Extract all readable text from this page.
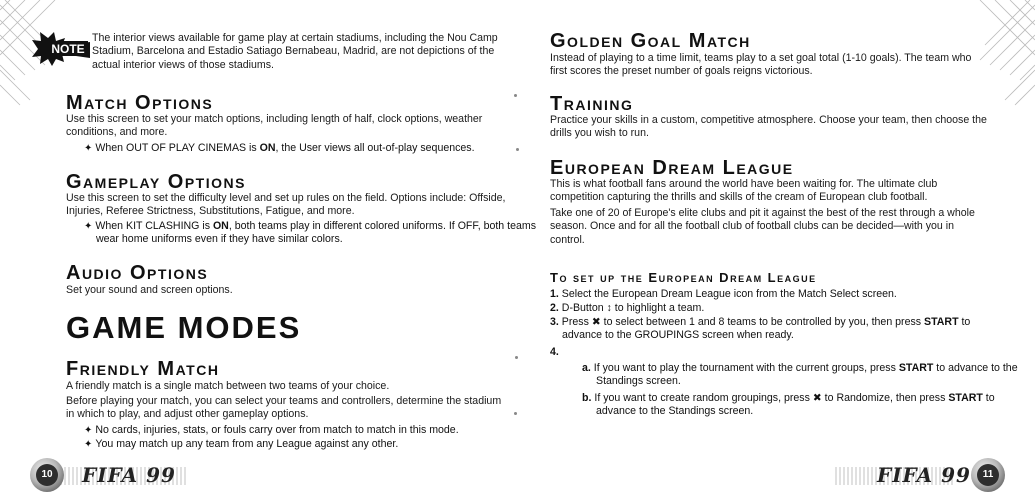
NOTE

The interior views available for game play at certain stadiums, including the Nou Camp Stadium, Barcelona and Estadio Satiago Bernabeau, Madrid, are not depictions of the actual interior views of those stadiums.

Match Options

Use this screen to set your match options, including length of half, clock options, weather conditions, and more.

✦ When OUT OF PLAY CINEMAS is ON, the User views all out-of-play sequences.

Gameplay Options

Use this screen to set the difficulty level and set up rules on the field. Options include: Offside, Injuries, Referee Strictness, Substitutions, Fatigue, and more.

✦ When KIT CLASHING is ON, both teams play in different colored uniforms. If OFF, both teams wear home uniforms even if they have similar colors.

Audio Options

Set your sound and screen options.

GAME MODES
Friendly Match

A friendly match is a single match between two teams of your choice.

Before playing your match, you can select your teams and controllers, determine the stadium in which to play, and adjust other gameplay options.

✦ No cards, injuries, stats, or fouls carry over from match to match in this mode.

✦ You may match up any team from any League against any other.

10 FIFA 99
Golden Goal Match

Instead of playing to a time limit, teams play to a set goal total (1-10 goals). The team who first scores the preset number of goals reigns victorious.

Training

Practice your skills in a custom, competitive atmosphere. Choose your team, then choose the drills you wish to run.

European Dream League

This is what football fans around the world have been waiting for. The ultimate club competition capturing the thrills and skills of the cream of European club football.

Take one of 20 of Europe's elite clubs and pit it against the best of the rest through a whole season. Once and for all the football club of football clubs can be decided—with you in control.

To set up the European Dream League

1. Select the European Dream League icon from the Match Select screen.

2. D-Button ↕ to highlight a team.

3. Press ✖ to select between 1 and 8 teams to be controlled by you, then press START to advance to the GROUPINGS screen when ready.

4.

a. If you want to play the tournament with the current groups, press START to advance to the Standings screen.

b. If you want to create random groupings, press ✖ to Randomize, then press START to advance to the Standings screen.

FIFA 99	11
